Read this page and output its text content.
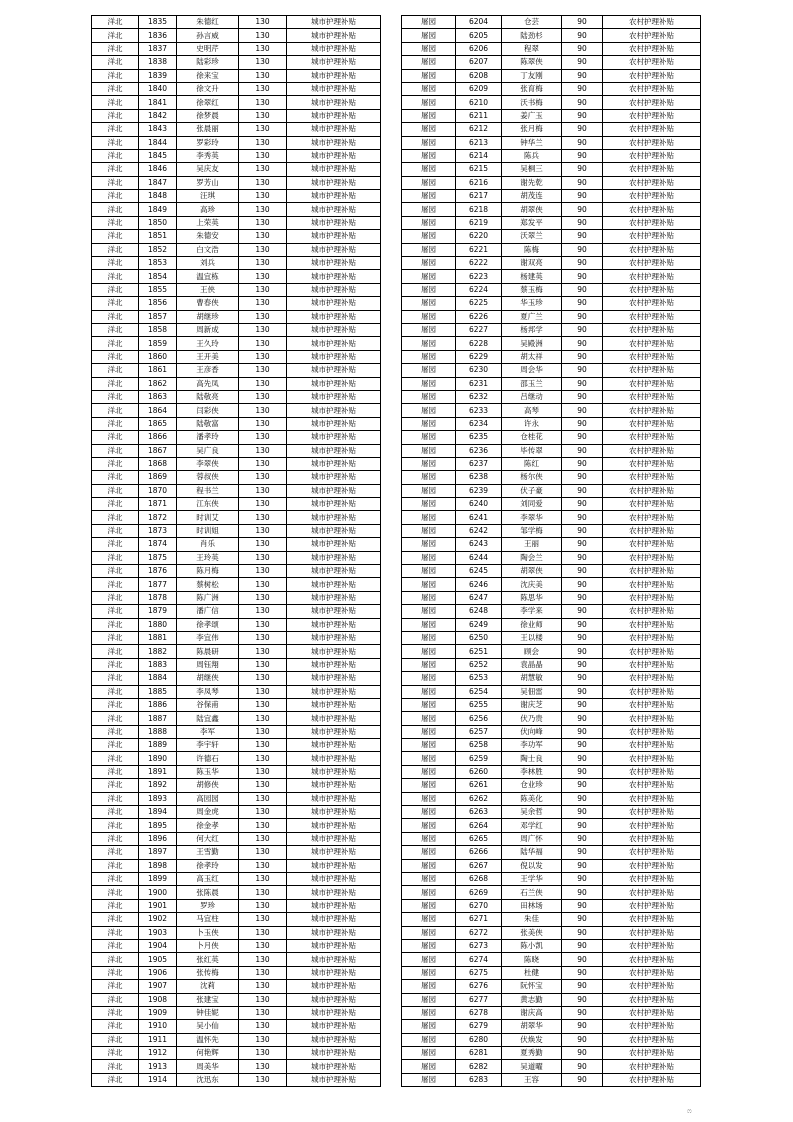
洋北	1835	朱德红	130	城市护理补贴
洋北	1836	孙言威	130	城市护理补贴
洋北	1837	史明芹	130	城市护理补贴
洋北	1838	陆彩珍	130	城市护理补贴
洋北	1839	徐来宝	130	城市护理补贴
洋北	1840	徐文升	130	城市护理补贴
洋北	1841	徐翠红	130	城市护理补贴
洋北	1842	徐梦晨	130	城市护理补贴
洋北	1843	张晨丽	130	城市护理补贴
洋北	1844	罗彩玲	130	城市护理补贴
洋北	1845	李秀英	130	城市护理补贴
洋北	1846	吴庆友	130	城市护理补贴
洋北	1847	罗芳山	130	城市护理补贴
洋北	1848	汪琪	130	城市护理补贴
洋北	1849	高珍	130	城市护理补贴
洋北	1850	上荣英	130	城市护理补贴
洋北	1851	朱德安	130	城市护理补贴
洋北	1852	白文浩	130	城市护理补贴
洋北	1853	刘兵	130	城市护理补贴
洋北	1854	温宜栋	130	城市护理补贴
洋北	1855	王侠	130	城市护理补贴
洋北	1856	曹春侠	130	城市护理补贴
洋北	1857	胡继珍	130	城市护理补贴
洋北	1858	周新成	130	城市护理补贴
洋北	1859	王久玲	130	城市护理补贴
洋北	1860	王开美	130	城市护理补贴
洋北	1861	王彦香	130	城市护理补贴
洋北	1862	高先凤	130	城市护理补贴
洋北	1863	陆敬亮	130	城市护理补贴
洋北	1864	闫彩侠	130	城市护理补贴
洋北	1865	陆敬富	130	城市护理补贴
洋北	1866	潘孝玲	130	城市护理补贴
洋北	1867	吴广良	130	城市护理补贴
洋北	1868	李翠侠	130	城市护理补贴
洋北	1869	蓉叔侠	130	城市护理补贴
洋北	1870	程书兰	130	城市护理补贴
洋北	1871	江东侠	130	城市护理补贴
洋北	1872	时训艾	130	城市护理补贴
洋北	1873	时训姐	130	城市护理补贴
洋北	1874	肖乐	130	城市护理补贴
洋北	1875	王玲英	130	城市护理补贴
洋北	1876	陈月梅	130	城市护理补贴
洋北	1877	蔡树松	130	城市护理补贴
洋北	1878	陈广洲	130	城市护理补贴
洋北	1879	潘广信	130	城市护理补贴
洋北	1880	徐孝颂	130	城市护理补贴
洋北	1881	李宜伟	130	城市护理补贴
洋北	1882	陈晨研	130	城市护理补贴
洋北	1883	周钰翔	130	城市护理补贴
洋北	1884	胡继侠	130	城市护理补贴
洋北	1885	李凤琴	130	城市护理补贴
洋北	1886	谷保甫	130	城市护理补贴
洋北	1887	陆宜鑫	130	城市护理补贴
洋北	1888	李军	130	城市护理补贴
洋北	1889	李宇轩	130	城市护理补贴
洋北	1890	许德石	130	城市护理补贴
洋北	1891	陈玉华	130	城市护理补贴
洋北	1892	胡修侠	130	城市护理补贴
洋北	1893	高园园	130	城市护理补贴
洋北	1894	周金虎	130	城市护理补贴
洋北	1895	徐金孝	130	城市护理补贴
洋北	1896	何大红	130	城市护理补贴
洋北	1897	王雪勤	130	城市护理补贴
洋北	1898	徐孝玲	130	城市护理补贴
洋北	1899	高玉红	130	城市护理补贴
洋北	1900	张陈晨	130	城市护理补贴
洋北	1901	罗珍	130	城市护理补贴
洋北	1902	马宜柱	130	城市护理补贴
洋北	1903	卜玉侠	130	城市护理补贴
洋北	1904	卜月侠	130	城市护理补贴
洋北	1905	张红英	130	城市护理补贴
洋北	1906	张传梅	130	城市护理补贴
洋北	1907	沈莉	130	城市护理补贴
洋北	1908	张建宝	130	城市护理补贴
洋北	1909	钟佳妮	130	城市护理补贴
洋北	1910	吴小仙	130	城市护理补贴
洋北	1911	温怀先	130	城市护理补贴
洋北	1912	何艳辉	130	城市护理补贴
洋北	1913	周美华	130	城市护理补贴
洋北	1914	沈迅东	130	城市护理补贴
屠园	6204	仓芸	90	农村护理补贴
屠园	6205	陆劲杉	90	农村护理补贴
屠园	6206	程翠	90	农村护理补贴
屠园	6207	陈翠侠	90	农村护理补贴
屠园	6208	丁友刚	90	农村护理补贴
屠园	6209	张育梅	90	农村护理补贴
屠园	6210	沃书梅	90	农村护理补贴
屠园	6211	姜广玉	90	农村护理补贴
屠园	6212	张月梅	90	农村护理补贴
屠园	6213	钟华兰	90	农村护理补贴
屠园	6214	陈兵	90	农村护理补贴
屠园	6215	吴桐三	90	农村护理补贴
屠园	6216	谢先乾	90	农村护理补贴
屠园	6217	胡茂连	90	农村护理补贴
屠园	6218	胡翠侠	90	农村护理补贴
屠园	6219	郑发平	90	农村护理补贴
屠园	6220	沃翠兰	90	农村护理补贴
屠园	6221	陈梅	90	农村护理补贴
屠园	6222	谢双亮	90	农村护理补贴
屠园	6223	杨建英	90	农村护理补贴
屠园	6224	蔡玉梅	90	农村护理补贴
屠园	6225	华玉珍	90	农村护理补贴
屠园	6226	夏广兰	90	农村护理补贴
屠园	6227	杨邦学	90	农村护理补贴
屠园	6228	吴殿洲	90	农村护理补贴
屠园	6229	胡太祥	90	农村护理补贴
屠园	6230	周会华	90	农村护理补贴
屠园	6231	邵玉兰	90	农村护理补贴
屠园	6232	吕继动	90	农村护理补贴
屠园	6233	高琴	90	农村护理补贴
屠园	6234	许永	90	农村护理补贴
屠园	6235	仓桂花	90	农村护理补贴
屠园	6236	毕传翠	90	农村护理补贴
屠园	6237	陈红	90	农村护理补贴
屠园	6238	杨尔侠	90	农村护理补贴
屠园	6239	伏子豪	90	农村护理补贴
屠园	6240	刘同爱	90	农村护理补贴
屠园	6241	李翠华	90	农村护理补贴
屠园	6242	邹学梅	90	农村护理补贴
屠园	6243	王丽	90	农村护理补贴
屠园	6244	陶会兰	90	农村护理补贴
屠园	6245	胡翠侠	90	农村护理补贴
屠园	6246	沈庆美	90	农村护理补贴
屠园	6247	陈思华	90	农村护理补贴
屠园	6248	李学来	90	农村护理补贴
屠园	6249	徐业师	90	农村护理补贴
屠园	6250	王以楼	90	农村护理补贴
屠园	6251	顾会	90	农村护理补贴
屠园	6252	袁晶晶	90	农村护理补贴
屠园	6253	胡慧敏	90	农村护理补贴
屠园	6254	吴佃雷	90	农村护理补贴
屠园	6255	谢庆芝	90	农村护理补贴
屠园	6256	伏乃贵	90	农村护理补贴
屠园	6257	伏向峰	90	农村护理补贴
屠园	6258	李功军	90	农村护理补贴
屠园	6259	陶士良	90	农村护理补贴
屠园	6260	李林胜	90	农村护理补贴
屠园	6261	仓业珍	90	农村护理补贴
屠园	6262	陈美化	90	农村护理补贴
屠园	6263	吴余哲	90	农村护理补贴
屠园	6264	邓学红	90	农村护理补贴
屠园	6265	周广怀	90	农村护理补贴
屠园	6266	陆华福	90	农村护理补贴
屠园	6267	倪以发	90	农村护理补贴
屠园	6268	王学华	90	农村护理补贴
屠园	6269	石兰侠	90	农村护理补贴
屠园	6270	田林场	90	农村护理补贴
屠园	6271	朱佳	90	农村护理补贴
屠园	6272	张美侠	90	农村护理补贴
屠园	6273	陈小凯	90	农村护理补贴
屠园	6274	陈晓	90	农村护理补贴
屠园	6275	杜健	90	农村护理补贴
屠园	6276	阮怀宝	90	农村护理补贴
屠园	6277	黄志勤	90	农村护理补贴
屠园	6278	谢庆高	90	农村护理补贴
屠园	6279	胡翠华	90	农村护理补贴
屠园	6280	伏焕发	90	农村护理补贴
屠园	6281	夏秀勤	90	农村护理补贴
屠园	6282	吴道曜	90	农村护理补贴
屠园	6283	王容	90	农村护理补贴
ෆ
